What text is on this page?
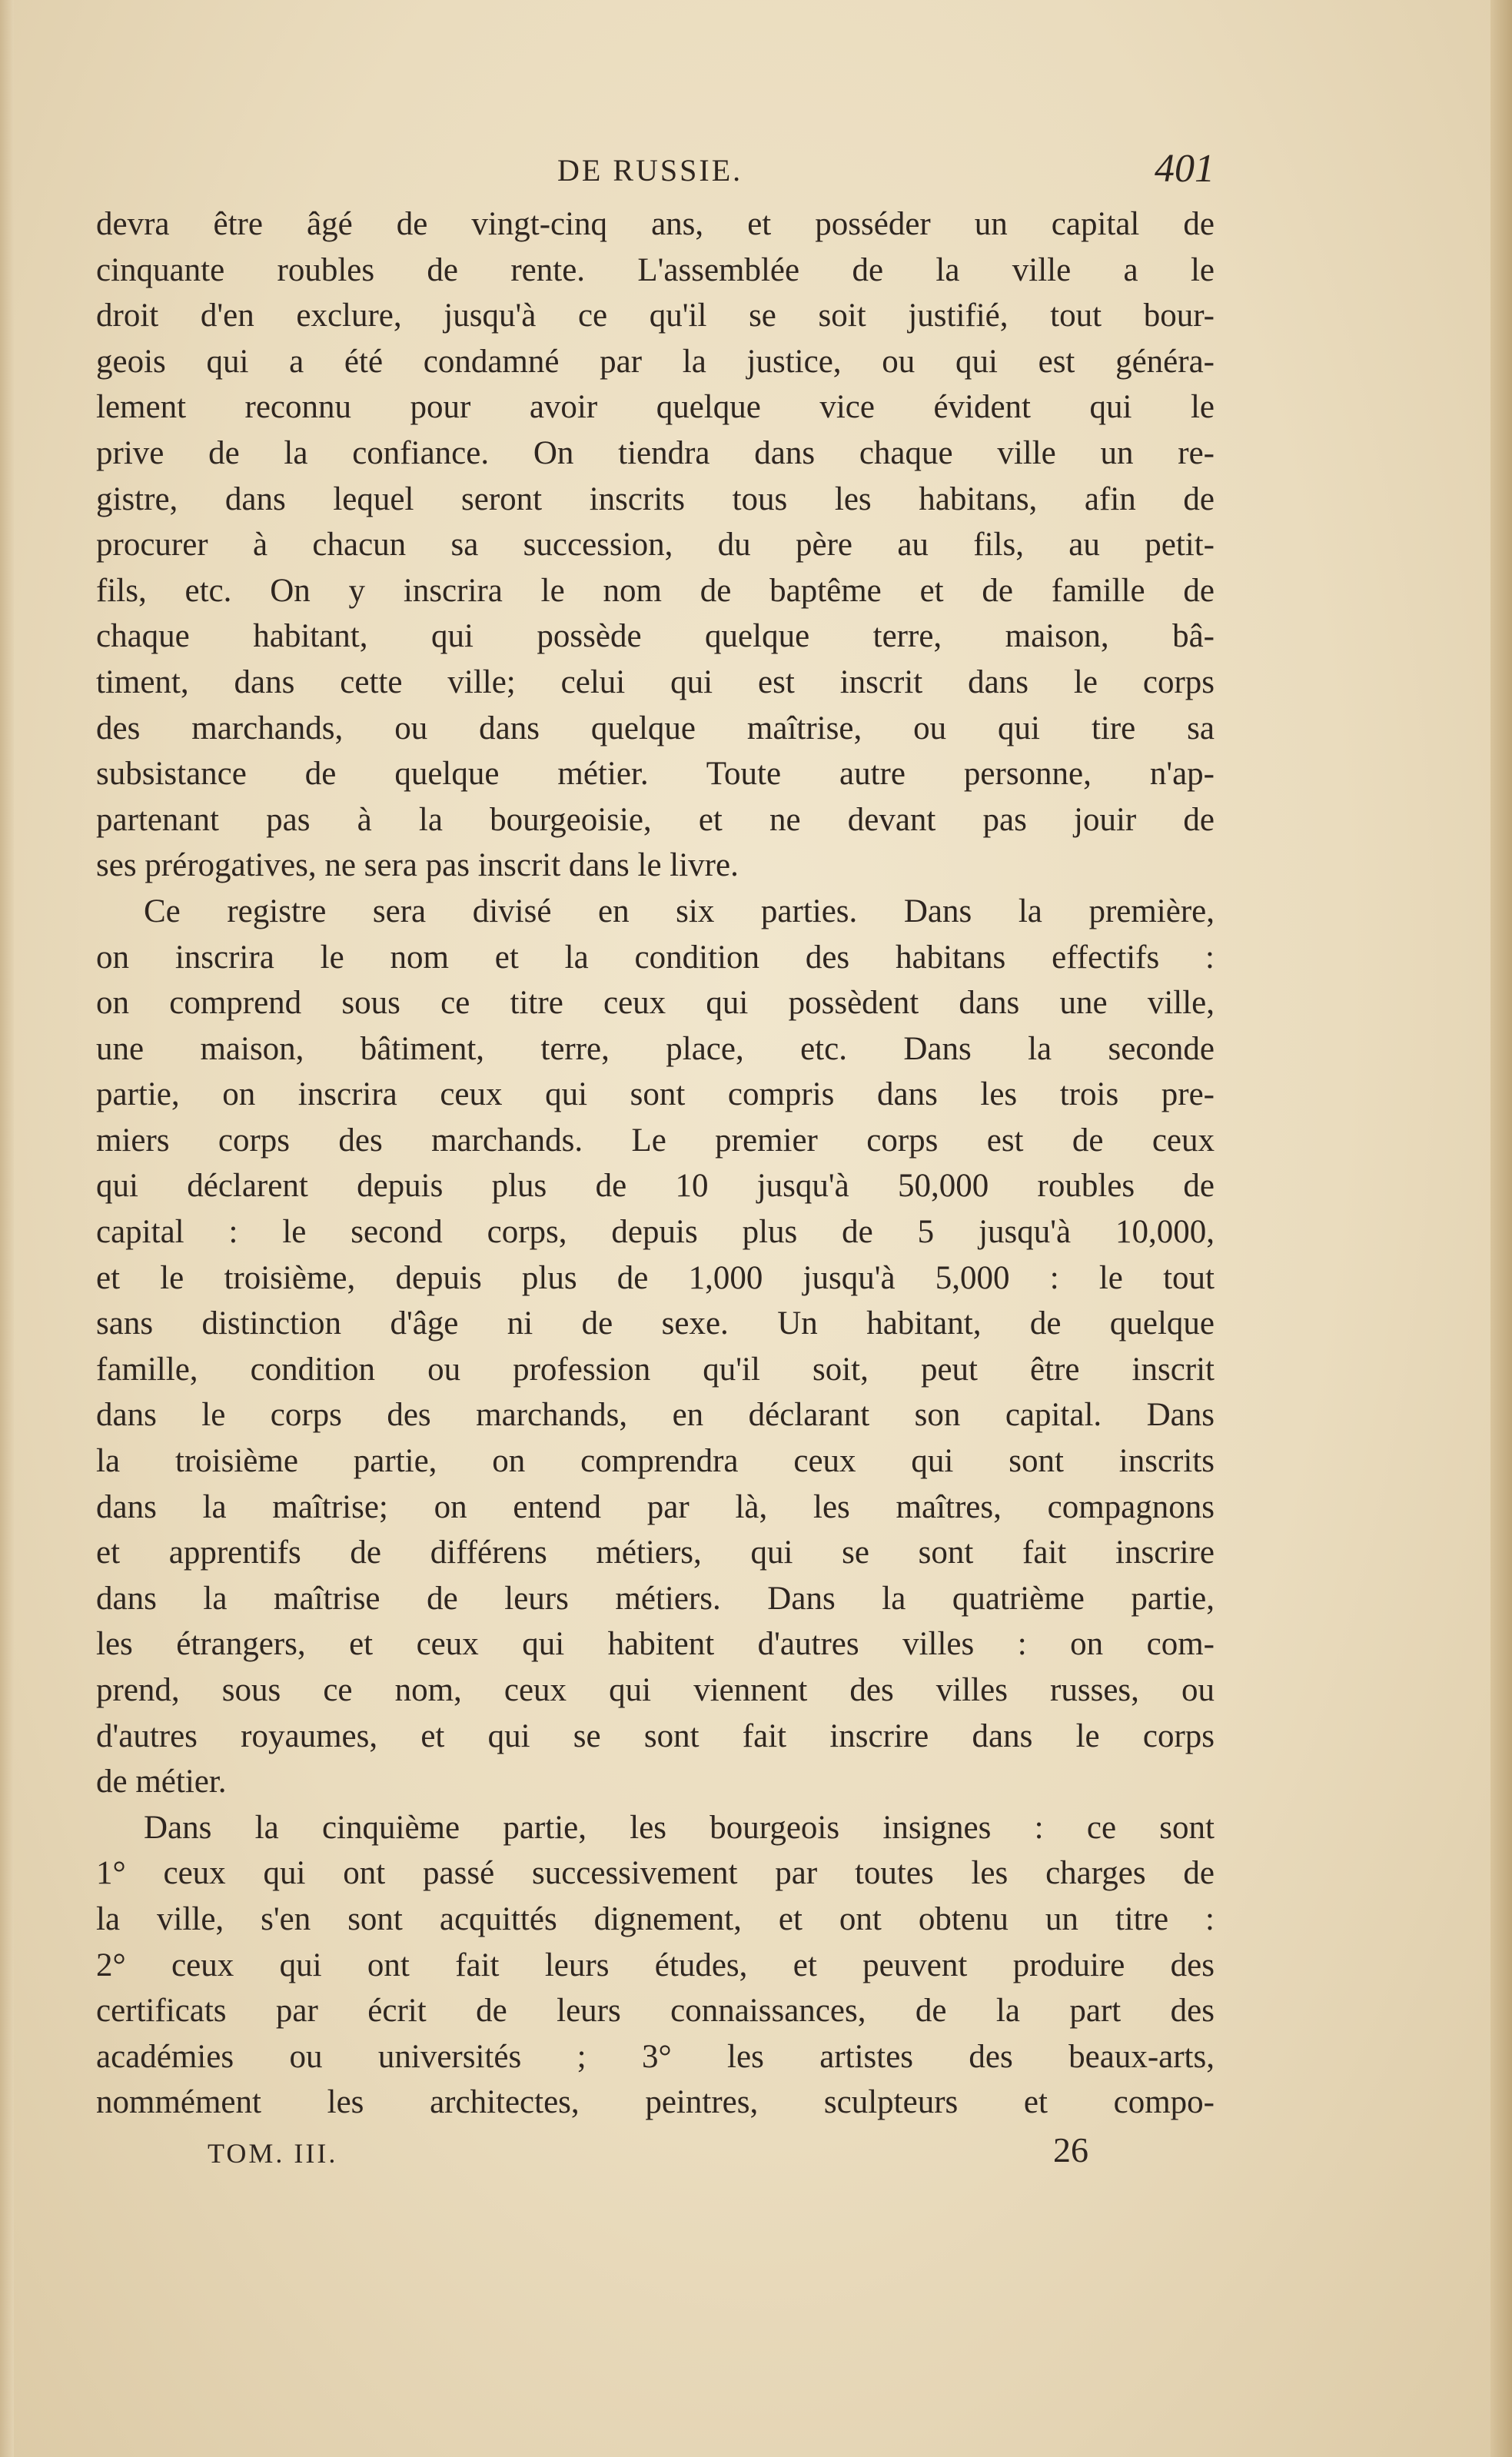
DE RUSSIE.	401
devra être âgé de vingt-cinq ans, et posséder un capital de
cinquante roubles de rente. L'assemblée de la ville a le
droit d'en exclure, jusqu'à ce qu'il se soit justifié, tout bour-
geois qui a été condamné par la justice, ou qui est généra-
lement reconnu pour avoir quelque vice évident qui le
prive de la confiance. On tiendra dans chaque ville un re-
gistre, dans lequel seront inscrits tous les habitans, afin de
procurer à chacun sa succession, du père au fils, au petit-
fils, etc. On y inscrira le nom de baptême et de famille de
chaque habitant, qui possède quelque terre, maison, bâ-
timent, dans cette ville; celui qui est inscrit dans le corps
des marchands, ou dans quelque maîtrise, ou qui tire sa
subsistance de quelque métier. Toute autre personne, n'ap-
partenant pas à la bourgeoisie, et ne devant pas jouir de
ses prérogatives, ne sera pas inscrit dans le livre.
Ce registre sera divisé en six parties. Dans la première,
on inscrira le nom et la condition des habitans effectifs :
on comprend sous ce titre ceux qui possèdent dans une ville,
une maison, bâtiment, terre, place, etc. Dans la seconde
partie, on inscrira ceux qui sont compris dans les trois pre-
miers corps des marchands. Le premier corps est de ceux
qui déclarent depuis plus de 10 jusqu'à 50,000 roubles de
capital : le second corps, depuis plus de 5 jusqu'à 10,000,
et le troisième, depuis plus de 1,000 jusqu'à 5,000 : le tout
sans distinction d'âge ni de sexe. Un habitant, de quelque
famille, condition ou profession qu'il soit, peut être inscrit
dans le corps des marchands, en déclarant son capital. Dans
la troisième partie, on comprendra ceux qui sont inscrits
dans la maîtrise; on entend par là, les maîtres, compagnons
et apprentifs de différens métiers, qui se sont fait inscrire
dans la maîtrise de leurs métiers. Dans la quatrième partie,
les étrangers, et ceux qui habitent d'autres villes : on com-
prend, sous ce nom, ceux qui viennent des villes russes, ou
d'autres royaumes, et qui se sont fait inscrire dans le corps
de métier.
Dans la cinquième partie, les bourgeois insignes : ce sont
1° ceux qui ont passé successivement par toutes les charges de
la ville, s'en sont acquittés dignement, et ont obtenu un titre :
2° ceux qui ont fait leurs études, et peuvent produire des
certificats par écrit de leurs connaissances, de la part des
académies ou universités ; 3° les artistes des beaux-arts,
nommément les architectes, peintres, sculpteurs et compo-
TOM. III.	26
